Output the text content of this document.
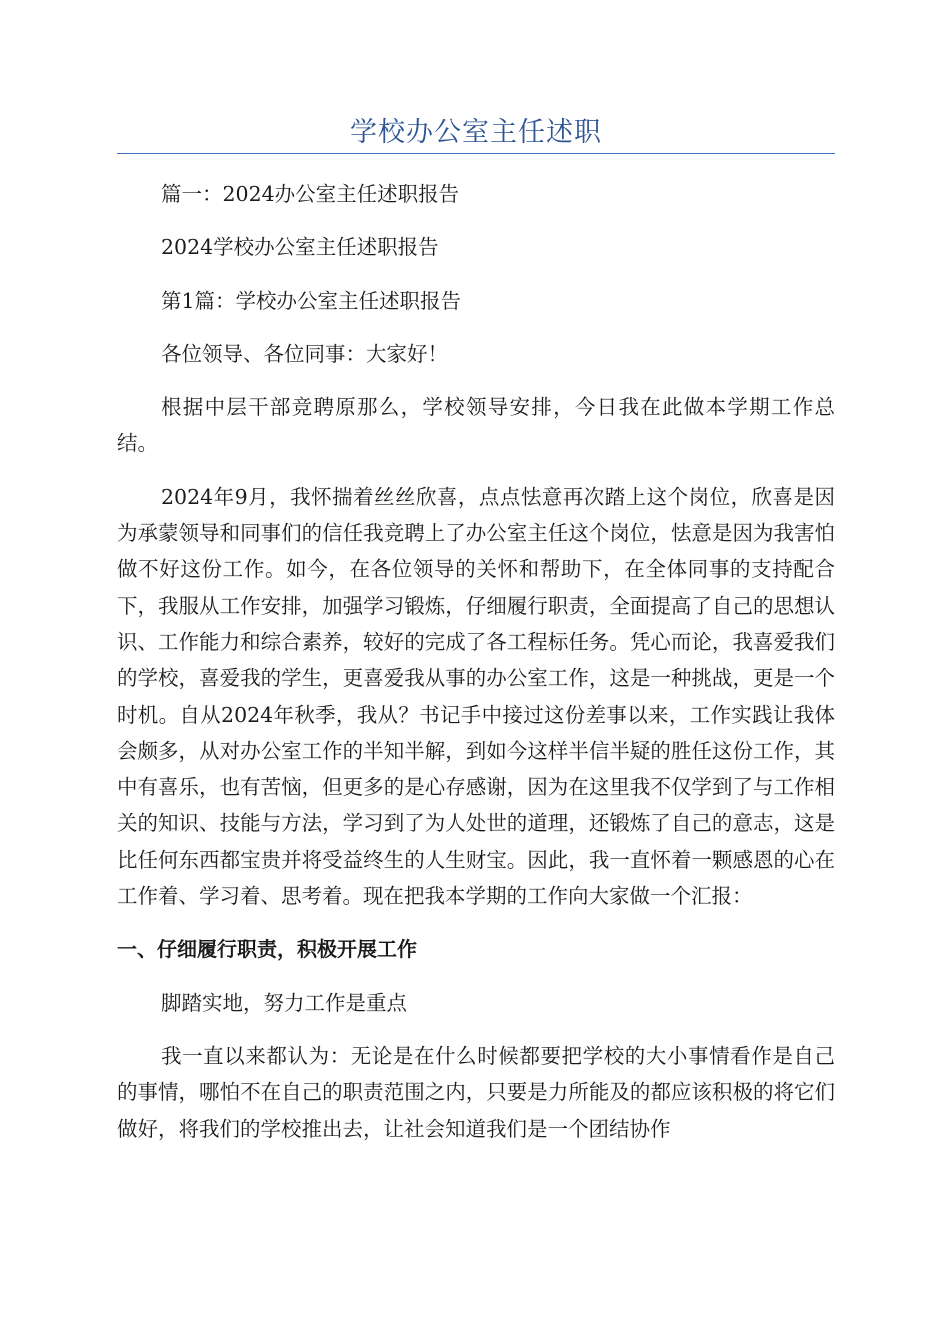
学校办公室主任述职

篇一：2024办公室主任述职报告

2024学校办公室主任述职报告

第1篇：学校办公室主任述职报告

各位领导、各位同事：大家好！

根据中层干部竞聘原那么，学校领导安排，今日我在此做本学期工作总结。

2024年9月，我怀揣着丝丝欣喜，点点怯意再次踏上这个岗位，欣喜是因为承蒙领导和同事们的信任我竞聘上了办公室主任这个岗位，怯意是因为我害怕做不好这份工作。如今，在各位领导的关怀和帮助下，在全体同事的支持配合下，我服从工作安排，加强学习锻炼，仔细履行职责，全面提高了自己的思想认识、工作能力和综合素养，较好的完成了各工程标任务。凭心而论，我喜爱我们的学校，喜爱我的学生，更喜爱我从事的办公室工作，这是一种挑战，更是一个时机。自从2024年秋季，我从？书记手中接过这份差事以来，工作实践让我体会颇多，从对办公室工作的半知半解，到如今这样半信半疑的胜任这份工作，其中有喜乐，也有苦恼，但更多的是心存感谢，因为在这里我不仅学到了与工作相关的知识、技能与方法，学习到了为人处世的道理，还锻炼了自己的意志，这是比任何东西都宝贵并将受益终生的人生财宝。因此，我一直怀着一颗感恩的心在工作着、学习着、思考着。现在把我本学期的工作向大家做一个汇报：

一、仔细履行职责，积极开展工作

脚踏实地，努力工作是重点

我一直以来都认为：无论是在什么时候都要把学校的大小事情看作是自己的事情，哪怕不在自己的职责范围之内，只要是力所能及的都应该积极的将它们做好，将我们的学校推出去，让社会知道我们是一个团结协作
